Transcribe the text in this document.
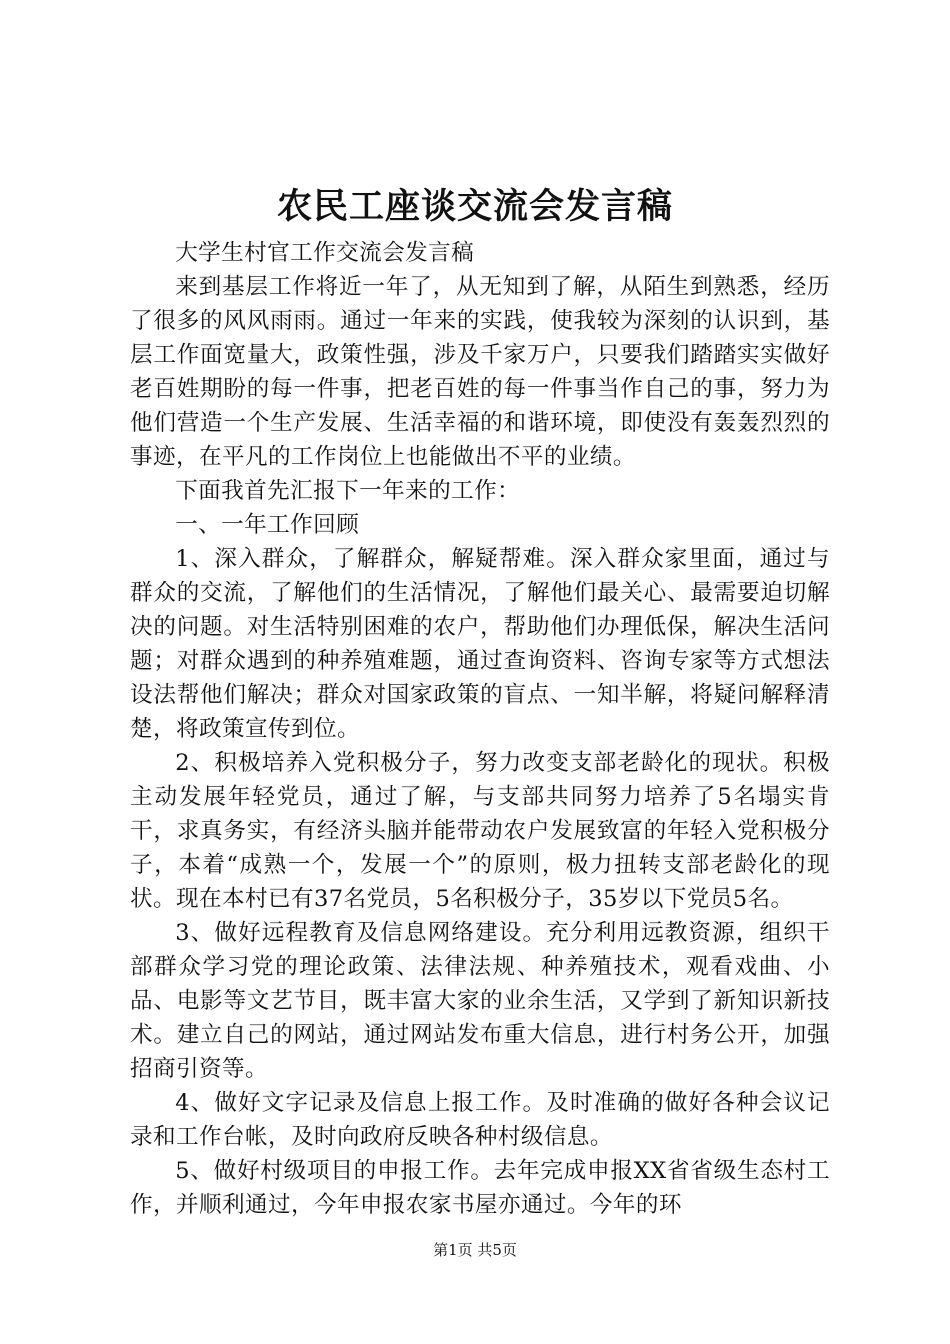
农民工座谈交流会发言稿

大学生村官工作交流会发言稿

来到基层工作将近一年了，从无知到了解，从陌生到熟悉，经历了很多的风风雨雨。通过一年来的实践，使我较为深刻的认识到，基层工作面宽量大，政策性强，涉及千家万户，只要我们踏踏实实做好老百姓期盼的每一件事，把老百姓的每一件事当作自己的事，努力为他们营造一个生产发展、生活幸福的和谐环境，即使没有轰轰烈烈的事迹，在平凡的工作岗位上也能做出不平的业绩。

下面我首先汇报下一年来的工作：

一、一年工作回顾

1、深入群众，了解群众，解疑帮难。深入群众家里面，通过与群众的交流，了解他们的生活情况，了解他们最关心、最需要迫切解决的问题。对生活特别困难的农户，帮助他们办理低保，解决生活问题；对群众遇到的种养殖难题，通过查询资料、咨询专家等方式想法设法帮他们解决；群众对国家政策的盲点、一知半解，将疑问解释清楚，将政策宣传到位。

2、积极培养入党积极分子，努力改变支部老龄化的现状。积极主动发展年轻党员，通过了解，与支部共同努力培养了5名塌实肯干，求真务实，有经济头脑并能带动农户发展致富的年轻入党积极分子，本着“成熟一个，发展一个”的原则，极力扭转支部老龄化的现状。现在本村已有37名党员，5名积极分子，35岁以下党员5名。

3、做好远程教育及信息网络建设。充分利用远教资源，组织干部群众学习党的理论政策、法律法规、种养殖技术，观看戏曲、小品、电影等文艺节目，既丰富大家的业余生活，又学到了新知识新技术。建立自己的网站，通过网站发布重大信息，进行村务公开，加强招商引资等。

4、做好文字记录及信息上报工作。及时准确的做好各种会议记录和工作台帐，及时向政府反映各种村级信息。

5、做好村级项目的申报工作。去年完成申报XX省省级生态村工作，并顺利通过，今年申报农家书屋亦通过。今年的环

第1页 共5页
